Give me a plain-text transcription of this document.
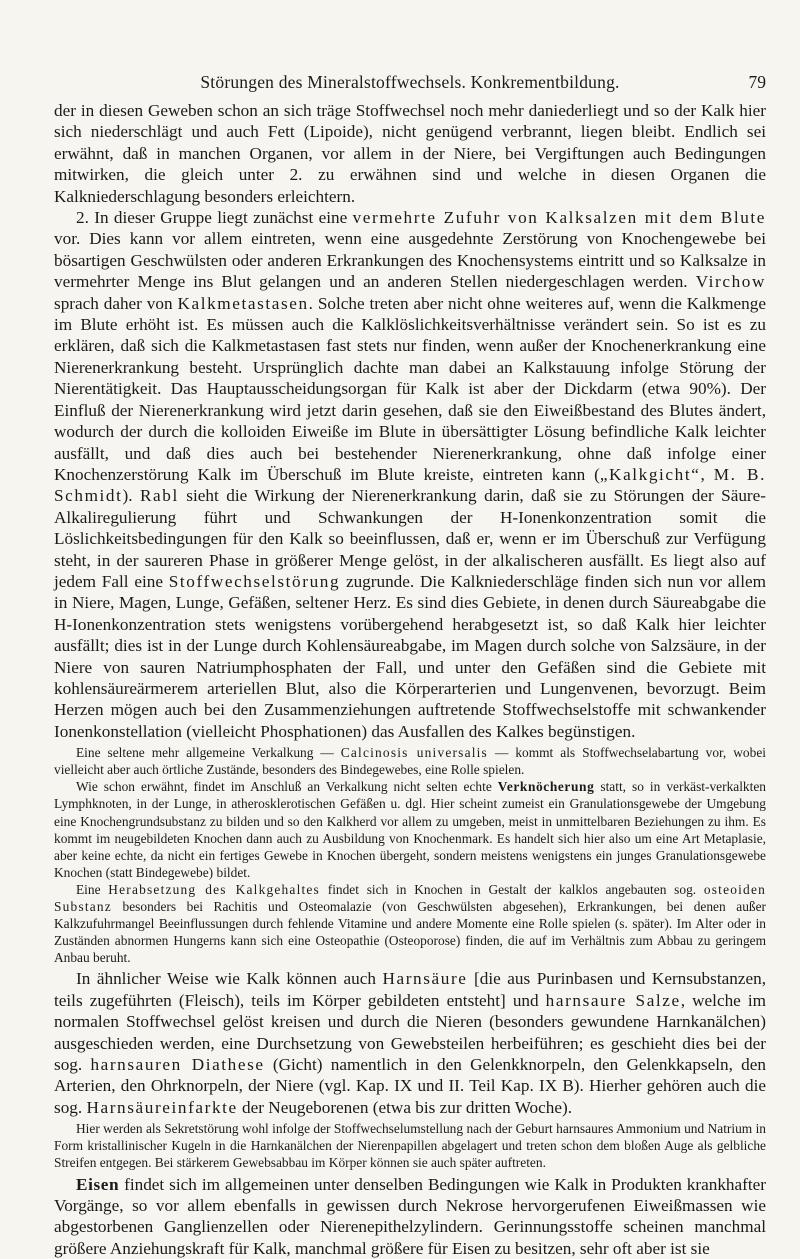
Störungen des Mineralstoffwechsels. Konkrementbildung.	79

der in diesen Geweben schon an sich träge Stoffwechsel noch mehr daniederliegt und so der Kalk hier sich niederschlägt und auch Fett (Lipoide), nicht genügend verbrannt, liegen bleibt. Endlich sei erwähnt, daß in manchen Organen, vor allem in der Niere, bei Vergiftungen auch Bedingungen mitwirken, die gleich unter 2. zu erwähnen sind und welche in diesen Organen die Kalkniederschlagung besonders erleichtern.

2. In dieser Gruppe liegt zunächst eine vermehrte Zufuhr von Kalksalzen mit dem Blute vor. Dies kann vor allem eintreten, wenn eine ausgedehnte Zerstörung von Knochengewebe bei bösartigen Geschwülsten oder anderen Erkrankungen des Knochensystems eintritt und so Kalksalze in vermehrter Menge ins Blut gelangen und an anderen Stellen niedergeschlagen werden. Virchow sprach daher von Kalkmetastasen. Solche treten aber nicht ohne weiteres auf, wenn die Kalkmenge im Blute erhöht ist. Es müssen auch die Kalklöslichkeitsverhältnisse verändert sein. So ist es zu erklären, daß sich die Kalkmetastasen fast stets nur finden, wenn außer der Knochenerkrankung eine Nierenerkrankung besteht. Ursprünglich dachte man dabei an Kalkstauung infolge Störung der Nierentätigkeit. Das Hauptausscheidungsorgan für Kalk ist aber der Dickdarm (etwa 90%). Der Einfluß der Nierenerkrankung wird jetzt darin gesehen, daß sie den Eiweißbestand des Blutes ändert, wodurch der durch die kolloiden Eiweiße im Blute in übersättigter Lösung befindliche Kalk leichter ausfällt, und daß dies auch bei bestehender Nierenerkrankung, ohne daß infolge einer Knochenzerstörung Kalk im Überschuß im Blute kreiste, eintreten kann („Kalkgicht“, M. B. Schmidt). Rabl sieht die Wirkung der Nierenerkrankung darin, daß sie zu Störungen der Säure-Alkaliregulierung führt und Schwankungen der H-Ionenkonzentration somit die Löslichkeitsbedingungen für den Kalk so beeinflussen, daß er, wenn er im Überschuß zur Verfügung steht, in der saureren Phase in größerer Menge gelöst, in der alkalischeren ausfällt. Es liegt also auf jedem Fall eine Stoffwechselstörung zugrunde. Die Kalkniederschläge finden sich nun vor allem in Niere, Magen, Lunge, Gefäßen, seltener Herz. Es sind dies Gebiete, in denen durch Säureabgabe die H-Ionenkonzentration stets wenigstens vorübergehend herabgesetzt ist, so daß Kalk hier leichter ausfällt; dies ist in der Lunge durch Kohlensäureabgabe, im Magen durch solche von Salzsäure, in der Niere von sauren Natriumphosphaten der Fall, und unter den Gefäßen sind die Gebiete mit kohlensäureärmerem arteriellen Blut, also die Körperarterien und Lungenvenen, bevorzugt. Beim Herzen mögen auch bei den Zusammenziehungen auftretende Stoffwechselstoffe mit schwankender Ionenkonstellation (vielleicht Phosphationen) das Ausfallen des Kalkes begünstigen.

Eine seltene mehr allgemeine Verkalkung — Calcinosis universalis — kommt als Stoffwechselabartung vor, wobei vielleicht aber auch örtliche Zustände, besonders des Bindegewebes, eine Rolle spielen.

Wie schon erwähnt, findet im Anschluß an Verkalkung nicht selten echte Verknöcherung statt, so in verkäst-verkalkten Lymphknoten, in der Lunge, in atherosklerotischen Gefäßen u. dgl. Hier scheint zumeist ein Granulationsgewebe der Umgebung eine Knochengrundsubstanz zu bilden und so den Kalkherd vor allem zu umgeben, meist in unmittelbaren Beziehungen zu ihm. Es kommt im neugebildeten Knochen dann auch zu Ausbildung von Knochenmark. Es handelt sich hier also um eine Art Metaplasie, aber keine echte, da nicht ein fertiges Gewebe in Knochen übergeht, sondern meistens wenigstens ein junges Granulationsgewebe Knochen (statt Bindegewebe) bildet.

Eine Herabsetzung des Kalkgehaltes findet sich in Knochen in Gestalt der kalklos angebauten sog. osteoiden Substanz besonders bei Rachitis und Osteomalazie (von Geschwülsten abgesehen), Erkrankungen, bei denen außer Kalkzufuhrmangel Beeinflussungen durch fehlende Vitamine und andere Momente eine Rolle spielen (s. später). Im Alter oder in Zuständen abnormen Hungerns kann sich eine Osteopathie (Osteoporose) finden, die auf im Verhältnis zum Abbau zu geringem Anbau beruht.

In ähnlicher Weise wie Kalk können auch Harnsäure [die aus Purinbasen und Kernsubstanzen, teils zugeführten (Fleisch), teils im Körper gebildeten entsteht] und harnsaure Salze, welche im normalen Stoffwechsel gelöst kreisen und durch die Nieren (besonders gewundene Harnkanälchen) ausgeschieden werden, eine Durchsetzung von Gewebsteilen herbeiführen; es geschieht dies bei der sog. harnsauren Diathese (Gicht) namentlich in den Gelenkknorpeln, den Gelenkkapseln, den Arterien, den Ohrknorpeln, der Niere (vgl. Kap. IX und II. Teil Kap. IX B). Hierher gehören auch die sog. Harnsäureinfarkte der Neugeborenen (etwa bis zur dritten Woche).

Hier werden als Sekretstörung wohl infolge der Stoffwechselumstellung nach der Geburt harnsaures Ammonium und Natrium in Form kristallinischer Kugeln in die Harnkanälchen der Nierenpapillen abgelagert und treten schon dem bloßen Auge als gelbliche Streifen entgegen. Bei stärkerem Gewebsabbau im Körper können sie auch später auftreten.

Eisen findet sich im allgemeinen unter denselben Bedingungen wie Kalk in Produkten krankhafter Vorgänge, so vor allem ebenfalls in gewissen durch Nekrose hervorgerufenen Eiweißmassen wie abgestorbenen Ganglienzellen oder Nierenepithelzylindern. Gerinnungsstoffe scheinen manchmal größere Anziehungskraft für Kalk, manchmal größere für Eisen zu besitzen, sehr oft aber ist sie
